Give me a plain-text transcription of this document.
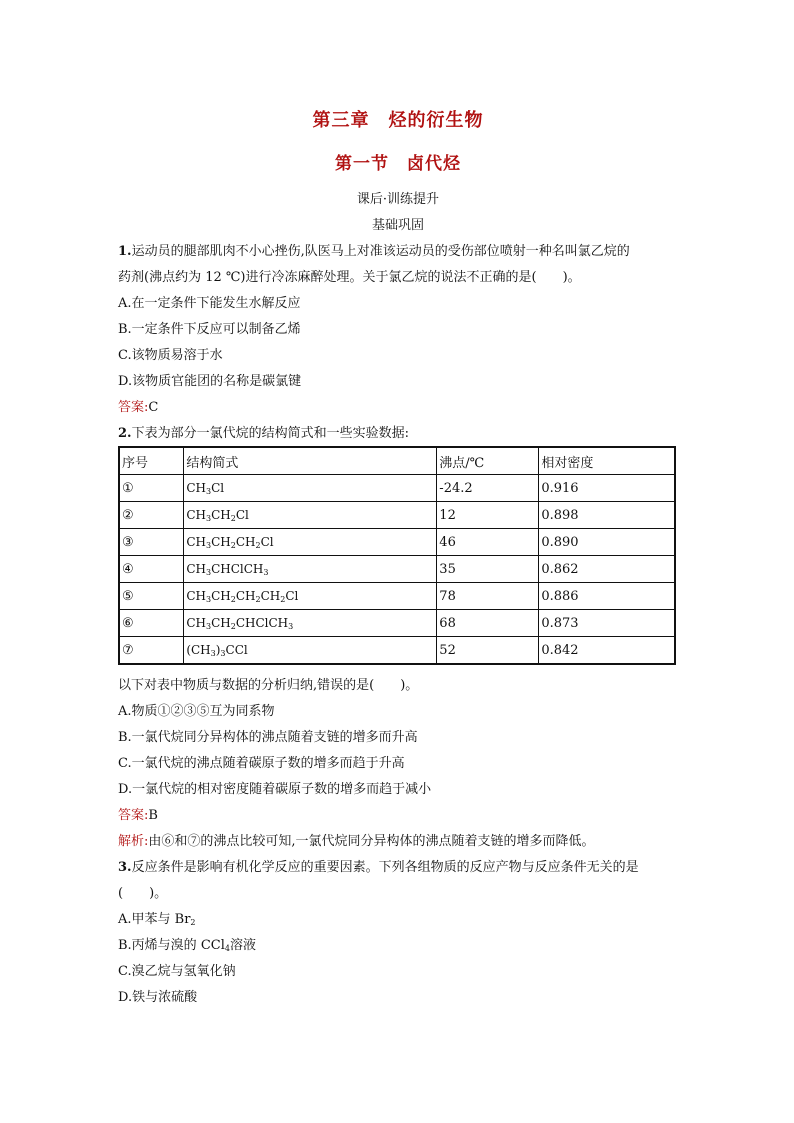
第三章　烃的衍生物
第一节　卤代烃
课后·训练提升
基础巩固
1.运动员的腿部肌肉不小心挫伤,队医马上对准该运动员的受伤部位喷射一种名叫氯乙烷的
药剂(沸点约为 12 ℃)进行冷冻麻醉处理。关于氯乙烷的说法不正确的是(　　)。
A.在一定条件下能发生水解反应
B.一定条件下反应可以制备乙烯
C.该物质易溶于水
D.该物质官能团的名称是碳氯键
答案:C
2.下表为部分一氯代烷的结构简式和一些实验数据:
序号	结构简式	沸点/℃	相对密度
①	$CH_3Cl$	-24.2	0.916
②	$CH_3CH_2Cl$	12	0.898
③	$CH_3CH_2CH_2Cl$	46	0.890
④	$CH_3CHClCH_3$	35	0.862
⑤	$CH_3CH_2CH_2CH_2Cl$	78	0.886
⑥	$CH_3CH_2CHClCH_3$	68	0.873
⑦	$(CH_3)_3CCl$	52	0.842
以下对表中物质与数据的分析归纳,错误的是(　　)。
A.物质①②③⑤互为同系物
B.一氯代烷同分异构体的沸点随着支链的增多而升高
C.一氯代烷的沸点随着碳原子数的增多而趋于升高
D.一氯代烷的相对密度随着碳原子数的增多而趋于减小
答案:B
解析:由⑥和⑦的沸点比较可知,一氯代烷同分异构体的沸点随着支链的增多而降低。
3.反应条件是影响有机化学反应的重要因素。下列各组物质的反应产物与反应条件无关的是
(　　)。
A.甲苯与 $Br_2$
B.丙烯与溴的 CCl$_4$溶液
C.溴乙烷与氢氧化钠
D.铁与浓硫酸
